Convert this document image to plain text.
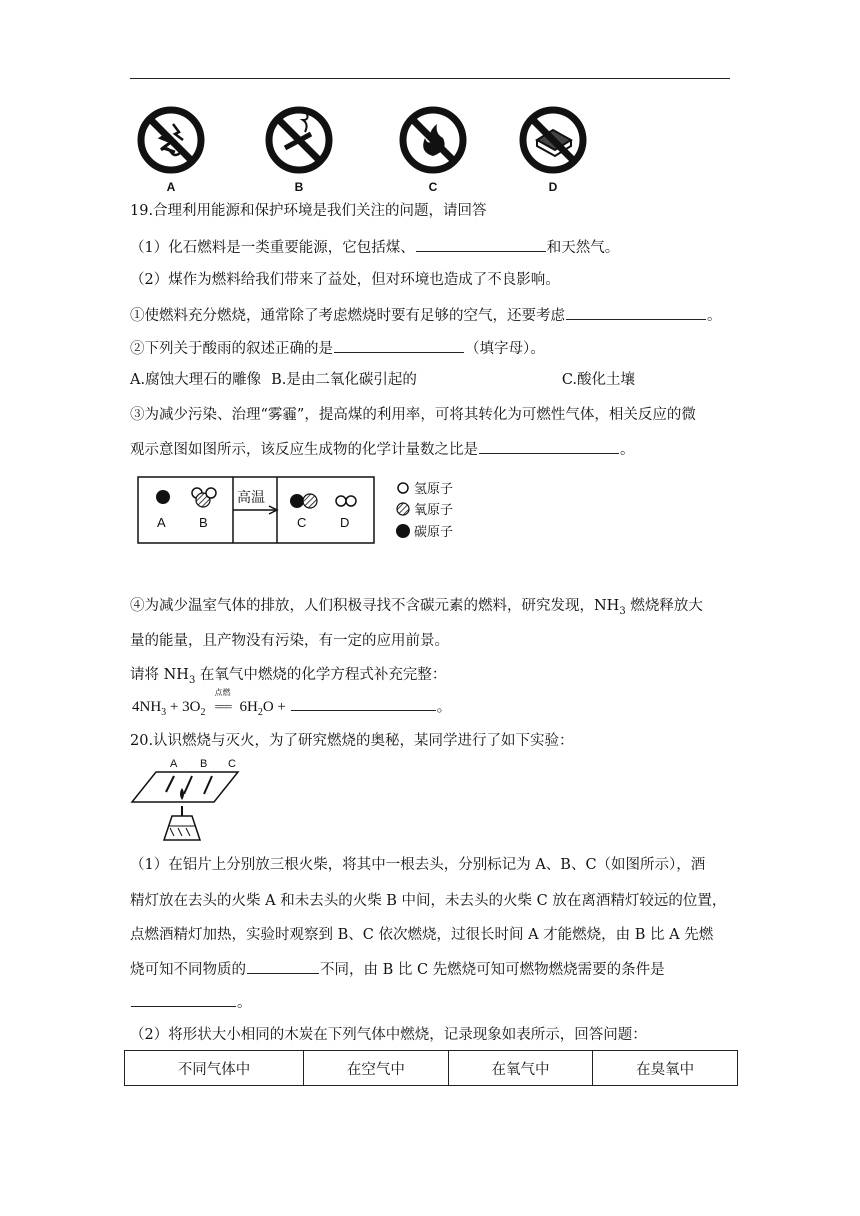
A	B	C	D
19.合理利用能源和保护环境是我们关注的问题，请回答
（1）化石燃料是一类重要能源，它包括煤、	和天然气。
（2）煤作为燃料给我们带来了益处，但对环境也造成了不良影响。
①使燃料充分燃烧，通常除了考虑燃烧时要有足够的空气，还要考虑	。
②下列关于酸雨的叙述正确的是	（填字母）。
A.腐蚀大理石的雕像 B.是由二氧化碳引起的	C.酸化土壤
③为减少污染、治理“雾霾”，提高煤的利用率，可将其转化为可燃性气体，相关反应的微
观示意图如图所示，该反应生成物的化学计量数之比是	。
高温
A	B	C	D
氢原子
氧原子
碳原子
④为减少温室气体的排放，人们积极寻找不含碳元素的燃料，研究发现，$NH_3$ 燃烧释放大
量的能量，且产物没有污染，有一定的应用前景。
请将 $NH_3$ 在氧气中燃烧的化学方程式补充完整：
$4NH_3 + 3O_2$
点燃
=== $6H_2O$ +	。
20.认识燃烧与灭火，为了研究燃烧的奥秘，某同学进行了如下实验：
A B C
（1）在铝片上分别放三根火柴，将其中一根去头，分别标记为 A、B、C（如图所示），酒
精灯放在去头的火柴 A 和未去头的火柴 B 中间，未去头的火柴 C 放在离酒精灯较远的位置，
点燃酒精灯加热，实验时观察到 B、C 依次燃烧，过很长时间 A 才能燃烧，由 B 比 A 先燃
烧可知不同物质的	不同，由 B 比 C 先燃烧可知可燃物燃烧需要的条件是
。
（2）将形状大小相同的木炭在下列气体中燃烧，记录现象如表所示，回答问题：
不同气体中	在空气中	在氧气中	在臭氧中
